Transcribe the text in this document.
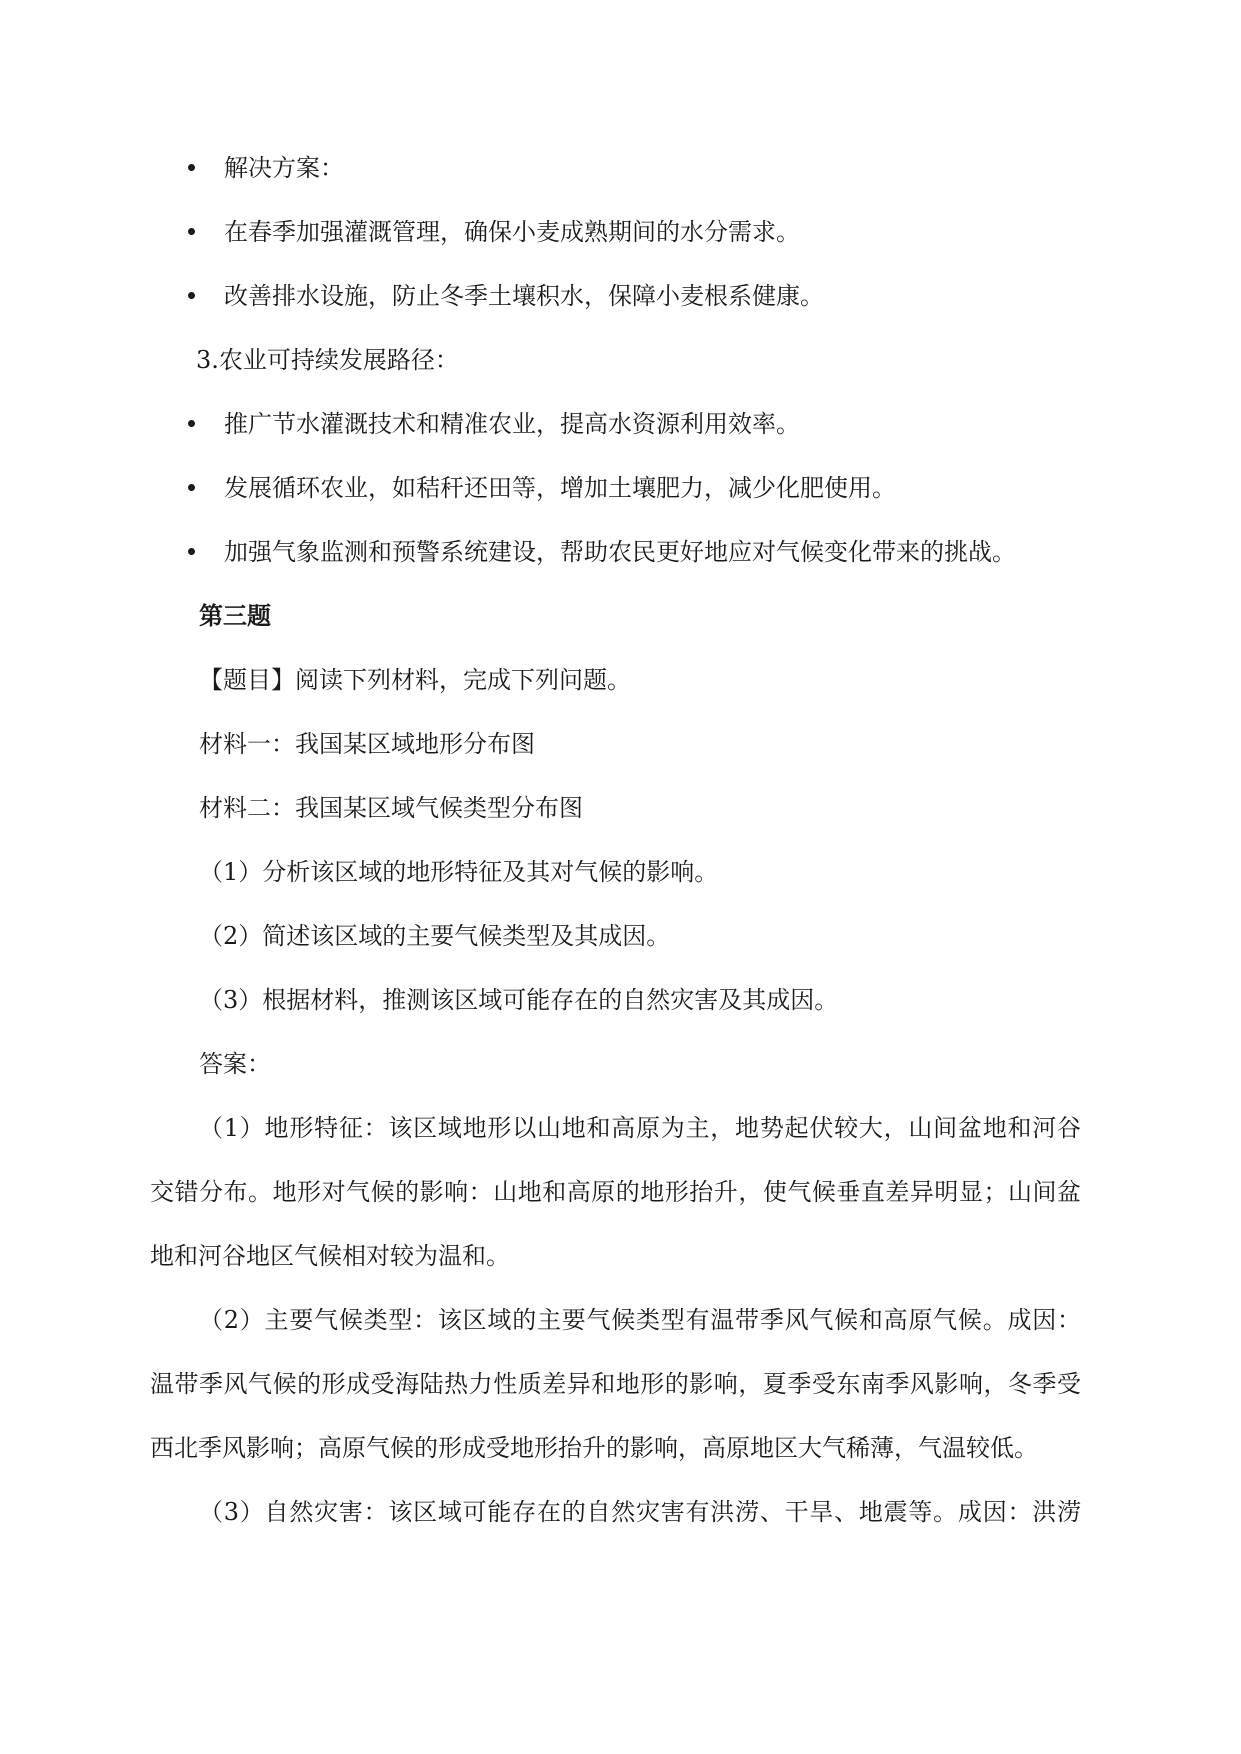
解决方案：
在春季加强灌溉管理，确保小麦成熟期间的水分需求。
改善排水设施，防止冬季土壤积水，保障小麦根系健康。
3.农业可持续发展路径：
推广节水灌溉技术和精准农业，提高水资源利用效率。
发展循环农业，如秸秆还田等，增加土壤肥力，减少化肥使用。
加强气象监测和预警系统建设，帮助农民更好地应对气候变化带来的挑战。
第三题
【题目】阅读下列材料，完成下列问题。
材料一：我国某区域地形分布图
材料二：我国某区域气候类型分布图
（1）分析该区域的地形特征及其对气候的影响。
（2）简述该区域的主要气候类型及其成因。
（3）根据材料，推测该区域可能存在的自然灾害及其成因。
答案：
（1）地形特征：该区域地形以山地和高原为主，地势起伏较大，山间盆地和河谷
交错分布。地形对气候的影响：山地和高原的地形抬升，使气候垂直差异明显；山间盆
地和河谷地区气候相对较为温和。
（2）主要气候类型：该区域的主要气候类型有温带季风气候和高原气候。成因：
温带季风气候的形成受海陆热力性质差异和地形的影响，夏季受东南季风影响，冬季受
西北季风影响；高原气候的形成受地形抬升的影响，高原地区大气稀薄，气温较低。
（3）自然灾害：该区域可能存在的自然灾害有洪涝、干旱、地震等。成因：洪涝
